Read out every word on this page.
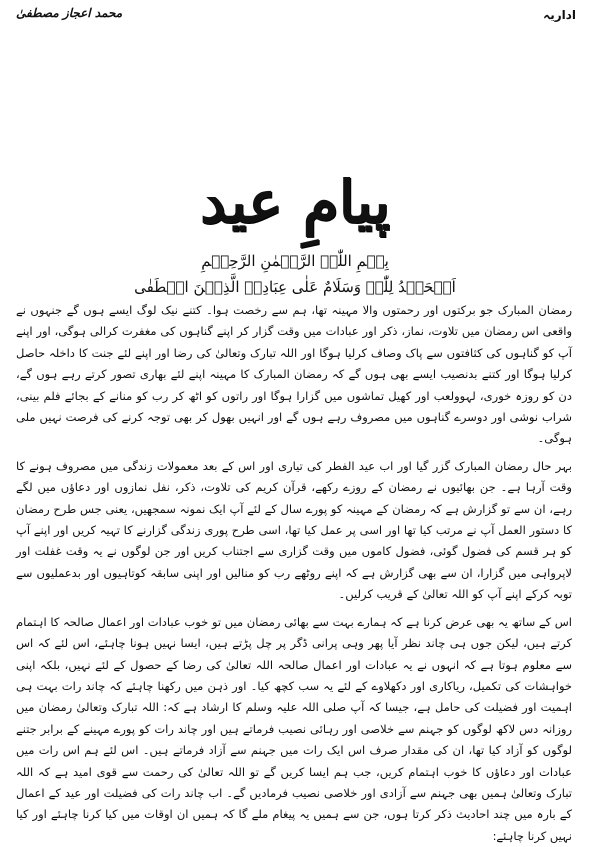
اداریہ
محمد اعجاز مصطفیٰ
پیامِ عید
بِسۡمِ اللّٰہِ الرَّحۡمٰنِ الرَّحِیۡمِ
اَلۡحَمۡدُ لِلّٰہِ وَسَلَامٌ عَلٰی عِبَادِہِ الَّذِیۡنَ اصۡطَفٰی

رمضان المبارک جو برکتوں اور رحمتوں والا مہینہ تھا، ہم سے رخصت ہوا۔ کتنے نیک لوگ ایسے ہوں گے جنہوں نے واقعی اس رمضان میں تلاوت، نماز، ذکر اور عبادات میں وقت گزار کر اپنے گناہوں کی مغفرت کرالی ہوگی، اور اپنے آپ کو گناہوں کی کثافتوں سے پاک وصاف کرلیا ہوگا اور اللہ تبارک وتعالیٰ کی رضا اور اپنے لئے جنت کا داخلہ حاصل کرلیا ہوگا اور کتنے بدنصیب ایسے بھی ہوں گے کہ رمضان المبارک کا مہینہ اپنے لئے بھاری تصور کرتے رہے ہوں گے، دن کو روزہ خوری، لہوولعب اور کھیل تماشوں میں گزارا ہوگا اور راتوں کو اٹھ کر رب کو منانے کے بجائے فلم بینی، شراب نوشی اور دوسرے گناہوں میں مصروف رہے ہوں گے اور انہیں بھول کر بھی توجہ کرنے کی فرصت نہیں ملی ہوگی۔

بہر حال رمضان المبارک گزر گیا اور اب عید الفطر کی تیاری اور اس کے بعد معمولات زندگی میں مصروف ہونے کا وقت آرہا ہے۔ جن بھائیوں نے رمضان کے روزے رکھے، قرآن کریم کی تلاوت، ذکر، نفل نمازوں اور دعاؤں میں لگے رہے، ان سے تو گزارش ہے کہ رمضان کے مہینہ کو پورے سال کے لئے آپ ایک نمونہ سمجھیں، یعنی جس طرح رمضان کا دستور العمل آپ نے مرتب کیا تھا اور اسی پر عمل کیا تھا، اسی طرح پوری زندگی گزارنے کا تہیہ کریں اور اپنے آپ کو ہر قسم کی فضول گوئی، فضول کاموں میں وقت گزاری سے اجتناب کریں اور جن لوگوں نے یہ وقت غفلت اور لاپرواہی میں گزارا، ان سے بھی گزارش ہے کہ اپنے روٹھے رب کو منالیں اور اپنی سابقہ کوتاہیوں اور بدعملیوں سے توبہ کرکے اپنے آپ کو اللہ تعالیٰ کے قریب کرلیں۔

اس کے ساتھ یہ بھی عرض کرنا ہے کہ ہمارے بہت سے بھائی رمضان میں تو خوب عبادات اور اعمال صالحہ کا اہتمام کرتے ہیں، لیکن جوں ہی چاند نظر آیا پھر وہی پرانی ڈگر پر چل پڑتے ہیں، ایسا نہیں ہونا چاہئے، اس لئے کہ اس سے معلوم ہوتا ہے کہ انہوں نے یہ عبادات اور اعمال صالحہ اللہ تعالیٰ کی رضا کے حصول کے لئے نہیں، بلکہ اپنی خواہشات کی تکمیل، ریاکاری اور دکھلاوے کے لئے یہ سب کچھ کیا۔ اور ذہن میں رکھنا چاہئے کہ چاند رات بہت ہی اہمیت اور فضیلت کی حامل ہے، جیسا کہ آپ صلی اللہ علیہ وسلم کا ارشاد ہے کہ: اللہ تبارک وتعالیٰ رمضان میں روزانہ دس لاکھ لوگوں کو جہنم سے خلاصی اور رہائی نصیب فرماتے ہیں اور چاند رات کو پورے مہینے کے برابر جتنے لوگوں کو آزاد کیا تھا، ان کی مقدار صرف اس ایک رات میں جہنم سے آزاد فرماتے ہیں۔ اس لئے ہم اس رات میں عبادات اور دعاؤں کا خوب اہتمام کریں، جب ہم ایسا کریں گے تو اللہ تعالیٰ کی رحمت سے قوی امید ہے کہ اللہ تبارک وتعالیٰ ہمیں بھی جہنم سے آزادی اور خلاصی نصیب فرمادیں گے۔ اب چاند رات کی فضیلت اور عید کے اعمال کے بارہ میں چند احادیث ذکر کرتا ہوں، جن سے ہمیں یہ پیغام ملے گا کہ ہمیں ان اوقات میں کیا کرنا چاہئے اور کیا نہیں کرنا چاہئے:
